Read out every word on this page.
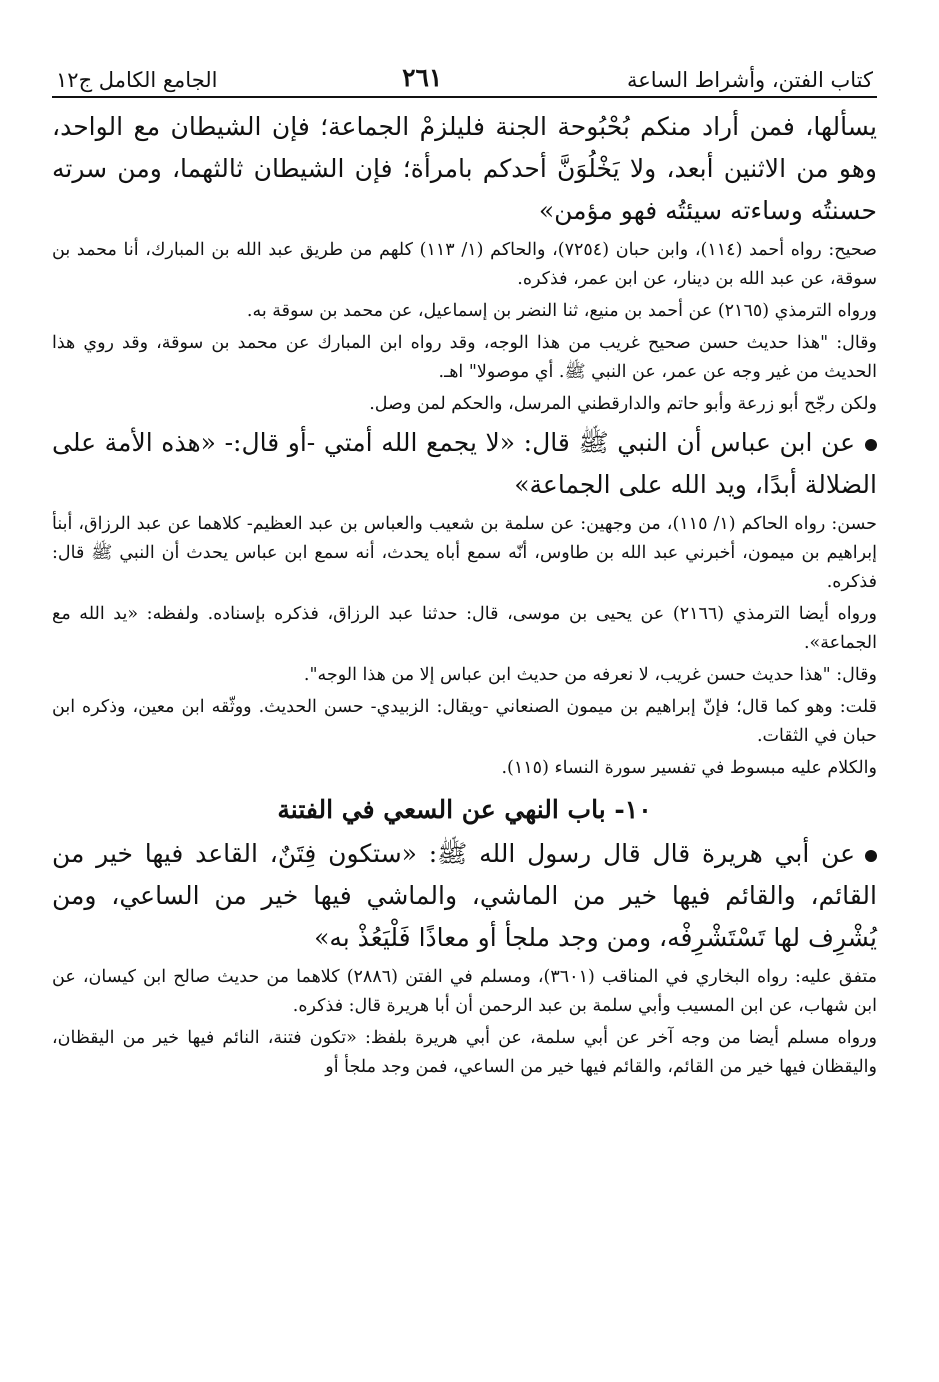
كتاب الفتن، وأشراط الساعة
٢٦١
الجامع الكامل ج١٢

يسألها، فمن أراد منكم بُحْبُوحة الجنة فليلزمْ الجماعة؛ فإن الشيطان مع الواحد، وهو من الاثنين أبعد، ولا يَخْلُوَنَّ أحدكم بامرأة؛ فإن الشيطان ثالثهما، ومن سرته حسنتُه وساءته سيئتُه فهو مؤمن»

صحيح: رواه أحمد (١١٤)، وابن حبان (٧٢٥٤)، والحاكم (١/ ١١٣) كلهم من طريق عبد الله بن المبارك، أنا محمد بن سوقة، عن عبد الله بن دينار، عن ابن عمر، فذكره.

ورواه الترمذي (٢١٦٥) عن أحمد بن منيع، ثنا النضر بن إسماعيل، عن محمد بن سوقة به.

وقال: "هذا حديث حسن صحيح غريب من هذا الوجه، وقد رواه ابن المبارك عن محمد بن سوقة، وقد روي هذا الحديث من غير وجه عن عمر، عن النبي ﷺ. أي موصولا" اهـ.

ولكن رجّح أبو زرعة وأبو حاتم والدارقطني المرسل، والحكم لمن وصل.

عن ابن عباس أن النبي ﷺ قال: «لا يجمع الله أمتي -أو قال:- «هذه الأمة على الضلالة أبدًا، ويد الله على الجماعة»

حسن: رواه الحاكم (١/ ١١٥)، من وجهين: عن سلمة بن شعيب والعباس بن عبد العظيم- كلاهما عن عبد الرزاق، أبنأ إبراهيم بن ميمون، أخبرني عبد الله بن طاوس، أنّه سمع أباه يحدث، أنه سمع ابن عباس يحدث أن النبي ﷺ قال: فذكره.

ورواه أيضا الترمذي (٢١٦٦) عن يحيى بن موسى، قال: حدثنا عبد الرزاق، فذكره بإسناده. ولفظه: «يد الله مع الجماعة».

وقال: "هذا حديث حسن غريب، لا نعرفه من حديث ابن عباس إلا من هذا الوجه".

قلت: وهو كما قال؛ فإنّ إبراهيم بن ميمون الصنعاني -ويقال: الزبيدي- حسن الحديث. ووثّقه ابن معين، وذكره ابن حبان في الثقات.

والكلام عليه مبسوط في تفسير سورة النساء (١١٥).

١٠- باب النهي عن السعي في الفتنة

عن أبي هريرة قال قال رسول الله ﷺ: «ستكون فِتَنٌ، القاعد فيها خير من القائم، والقائم فيها خير من الماشي، والماشي فيها خير من الساعي، ومن يُشْرِف لها تَسْتَشْرِفْه، ومن وجد ملجأ أو معاذًا فَلْيَعُذْ به»

متفق عليه: رواه البخاري في المناقب (٣٦٠١)، ومسلم في الفتن (٢٨٨٦) كلاهما من حديث صالح ابن كيسان، عن ابن شهاب، عن ابن المسيب وأبي سلمة بن عبد الرحمن أن أبا هريرة قال: فذكره.

ورواه مسلم أيضا من وجه آخر عن أبي سلمة، عن أبي هريرة بلفظ: «تكون فتنة، النائم فيها خير من اليقظان، واليقظان فيها خير من القائم، والقائم فيها خير من الساعي، فمن وجد ملجأ أو
